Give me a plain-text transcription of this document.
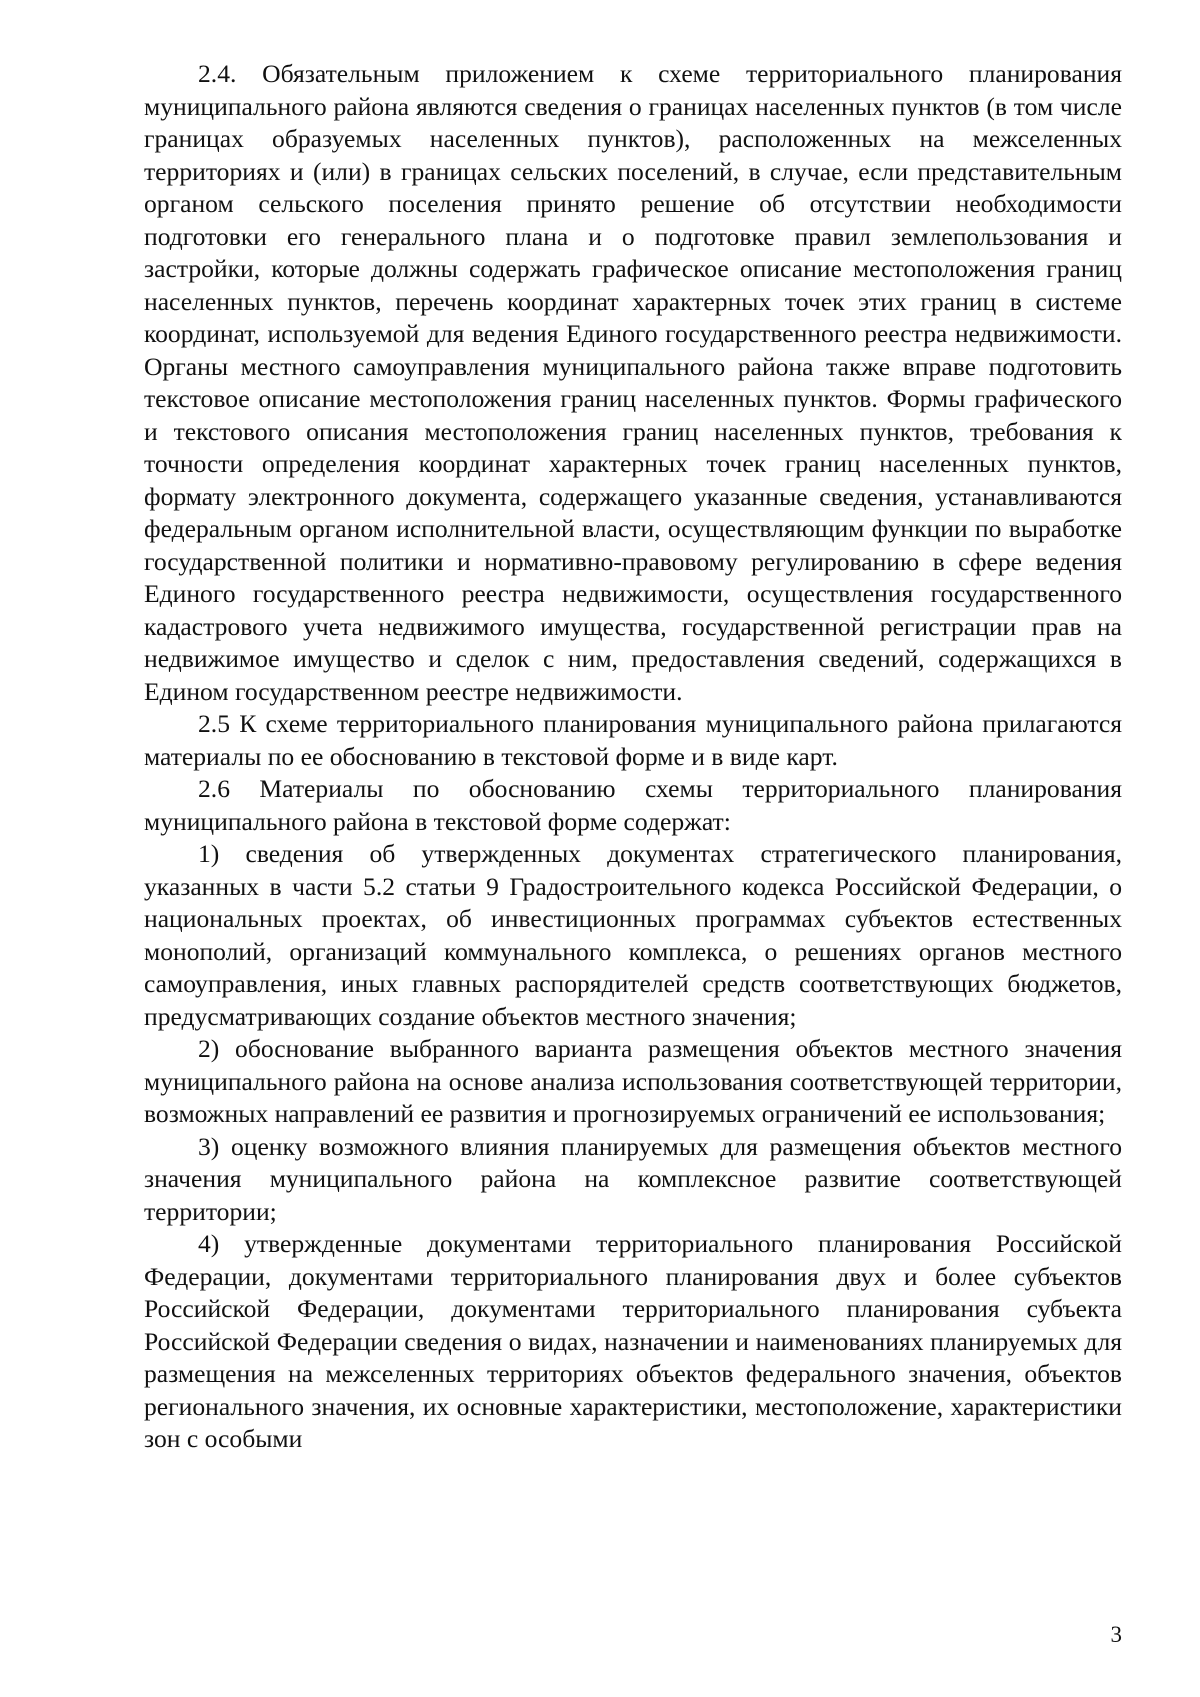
2.4. Обязательным приложением к схеме территориального планирования муниципального района являются сведения о границах населенных пунктов (в том числе границах образуемых населенных пунктов), расположенных на межселенных территориях и (или) в границах сельских поселений, в случае, если представительным органом сельского поселения принято решение об отсутствии необходимости подготовки его генерального плана и о подготовке правил землепользования и застройки, которые должны содержать графическое описание местоположения границ населенных пунктов, перечень координат характерных точек этих границ в системе координат, используемой для ведения Единого государственного реестра недвижимости. Органы местного самоуправления муниципального района также вправе подготовить текстовое описание местоположения границ населенных пунктов. Формы графического и текстового описания местоположения границ населенных пунктов, требования к точности определения координат характерных точек границ населенных пунктов, формату электронного документа, содержащего указанные сведения, устанавливаются федеральным органом исполнительной власти, осуществляющим функции по выработке государственной политики и нормативно-правовому регулированию в сфере ведения Единого государственного реестра недвижимости, осуществления государственного кадастрового учета недвижимого имущества, государственной регистрации прав на недвижимое имущество и сделок с ним, предоставления сведений, содержащихся в Едином государственном реестре недвижимости.

2.5 К схеме территориального планирования муниципального района прилагаются материалы по ее обоснованию в текстовой форме и в виде карт.

2.6 Материалы по обоснованию схемы территориального планирования муниципального района в текстовой форме содержат:

1) сведения об утвержденных документах стратегического планирования, указанных в части 5.2 статьи 9 Градостроительного кодекса Российской Федерации, о национальных проектах, об инвестиционных программах субъектов естественных монополий, организаций коммунального комплекса, о решениях органов местного самоуправления, иных главных распорядителей средств соответствующих бюджетов, предусматривающих создание объектов местного значения;

2) обоснование выбранного варианта размещения объектов местного значения муниципального района на основе анализа использования соответствующей территории, возможных направлений ее развития и прогнозируемых ограничений ее использования;

3) оценку возможного влияния планируемых для размещения объектов местного значения муниципального района на комплексное развитие соответствующей территории;

4) утвержденные документами территориального планирования Российской Федерации, документами территориального планирования двух и более субъектов Российской Федерации, документами территориального планирования субъекта Российской Федерации сведения о видах, назначении и наименованиях планируемых для размещения на межселенных территориях объектов федерального значения, объектов регионального значения, их основные характеристики, местоположение, характеристики зон с особыми

3
